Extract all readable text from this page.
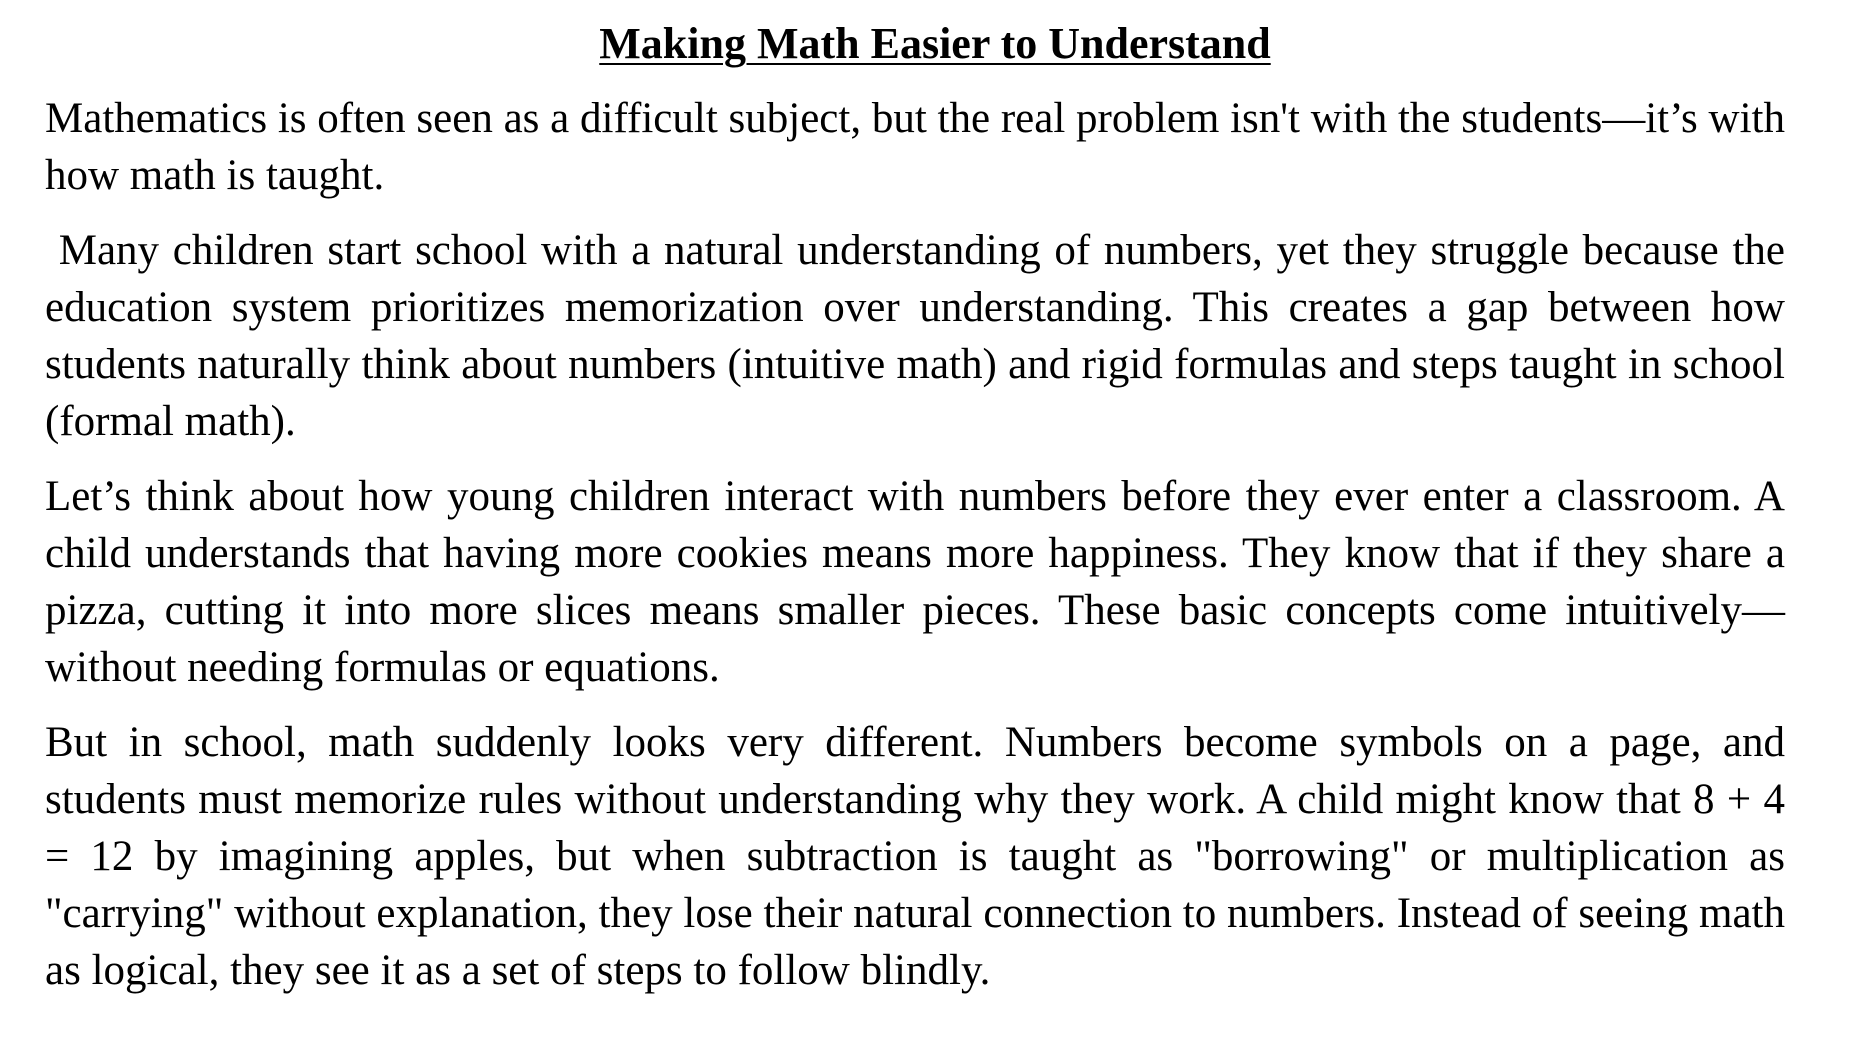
Making Math Easier to Understand

Mathematics is often seen as a difficult subject, but the real problem isn't with the students—it’s with how math is taught.

Many children start school with a natural understanding of numbers, yet they struggle because the education system prioritizes memorization over understanding. This creates a gap between how students naturally think about numbers (intuitive math) and rigid formulas and steps taught in school (formal math).

Let’s think about how young children interact with numbers before they ever enter a classroom. A child understands that having more cookies means more happiness. They know that if they share a pizza, cutting it into more slices means smaller pieces. These basic concepts come intuitively—without needing formulas or equations.

But in school, math suddenly looks very different. Numbers become symbols on a page, and students must memorize rules without understanding why they work. A child might know that 8 + 4 = 12 by imagining apples, but when subtraction is taught as "borrowing" or multiplication as "carrying" without explanation, they lose their natural connection to numbers. Instead of seeing math as logical, they see it as a set of steps to follow blindly.
